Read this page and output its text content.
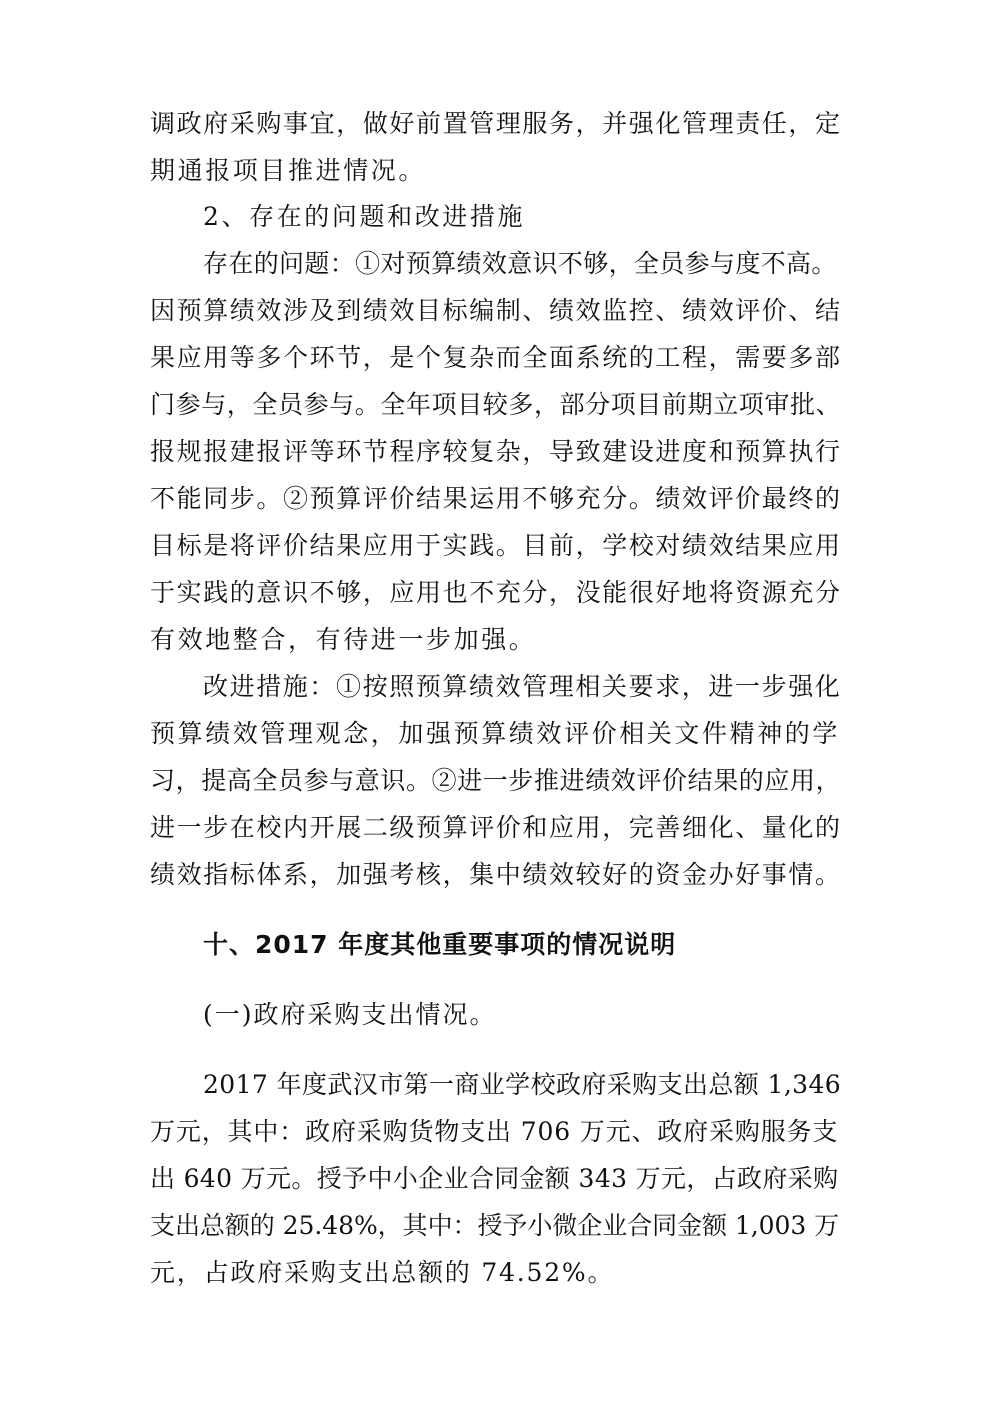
调政府采购事宜，做好前置管理服务，并强化管理责任，定
期通报项目推进情况。
2、存在的问题和改进措施
存在的问题：①对预算绩效意识不够，全员参与度不高。
因预算绩效涉及到绩效目标编制、绩效监控、绩效评价、结
果应用等多个环节，是个复杂而全面系统的工程，需要多部
门参与，全员参与。全年项目较多，部分项目前期立项审批、
报规报建报评等环节程序较复杂，导致建设进度和预算执行
不能同步。②预算评价结果运用不够充分。绩效评价最终的
目标是将评价结果应用于实践。目前，学校对绩效结果应用
于实践的意识不够，应用也不充分，没能很好地将资源充分
有效地整合，有待进一步加强。
改进措施：①按照预算绩效管理相关要求，进一步强化
预算绩效管理观念，加强预算绩效评价相关文件精神的学
习，提高全员参与意识。②进一步推进绩效评价结果的应用，
进一步在校内开展二级预算评价和应用，完善细化、量化的
绩效指标体系，加强考核，集中绩效较好的资金办好事情。
十、2017 年度其他重要事项的情况说明
(一)政府采购支出情况。
2017 年度武汉市第一商业学校政府采购支出总额 1,346
万元，其中：政府采购货物支出 706 万元、政府采购服务支
出 640 万元。授予中小企业合同金额 343 万元，占政府采购
支出总额的 25.48%，其中：授予小微企业合同金额 1,003 万
元，占政府采购支出总额的 74.52%。
